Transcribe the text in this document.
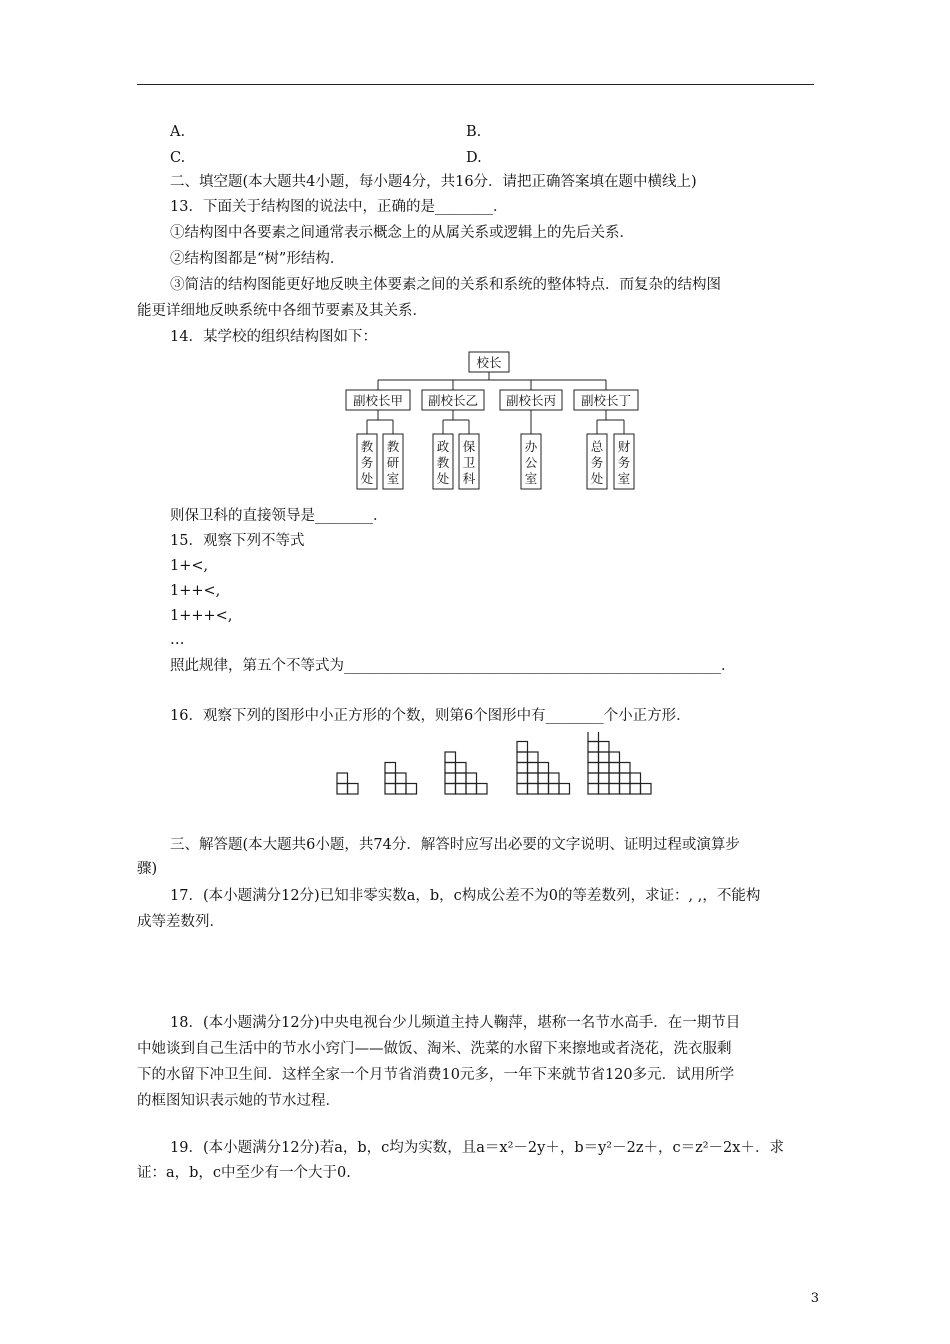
A.	B.
C.	D.
二、填空题(本大题共4小题，每小题4分，共16分．请把正确答案填在题中横线上)
13．下面关于结构图的说法中，正确的是________．
①结构图中各要素之间通常表示概念上的从属关系或逻辑上的先后关系．
②结构图都是“树”形结构．
③简洁的结构图能更好地反映主体要素之间的关系和系统的整体特点．而复杂的结构图
能更详细地反映系统中各细节要素及其关系．
14．某学校的组织结构图如下：
校长
副校长甲 副校长乙 副校长丙 副校长丁
教
务
处
教
研
室
政
教
处
保
卫
科
办
公
室
总
务
处
财
务
室
则保卫科的直接领导是________．
15．观察下列不等式
1+<,
1++<,
1+++<,
…
照此规律，第五个不等式为____________________________________________________．
16．观察下列的图形中小正方形的个数，则第6个图形中有________个小正方形．
三、解答题(本大题共6小题，共74分．解答时应写出必要的文字说明、证明过程或演算步
骤)
17．(本小题满分12分)已知非零实数a，b，c构成公差不为0的等差数列，求证：, ,，不能构
成等差数列．
18．(本小题满分12分)中央电视台少儿频道主持人鞠萍，堪称一名节水高手．在一期节目
中她谈到自己生活中的节水小窍门——做饭、淘米、洗菜的水留下来擦地或者浇花，洗衣服剩
下的水留下冲卫生间．这样全家一个月节省消费10元多，一年下来就节省120多元．试用所学
的框图知识表示她的节水过程．
19．(本小题满分12分)若a，b，c均为实数，且a＝x²－2y＋，b＝y²－2z＋，c＝z²－2x＋．求
证：a，b，c中至少有一个大于0.
3
